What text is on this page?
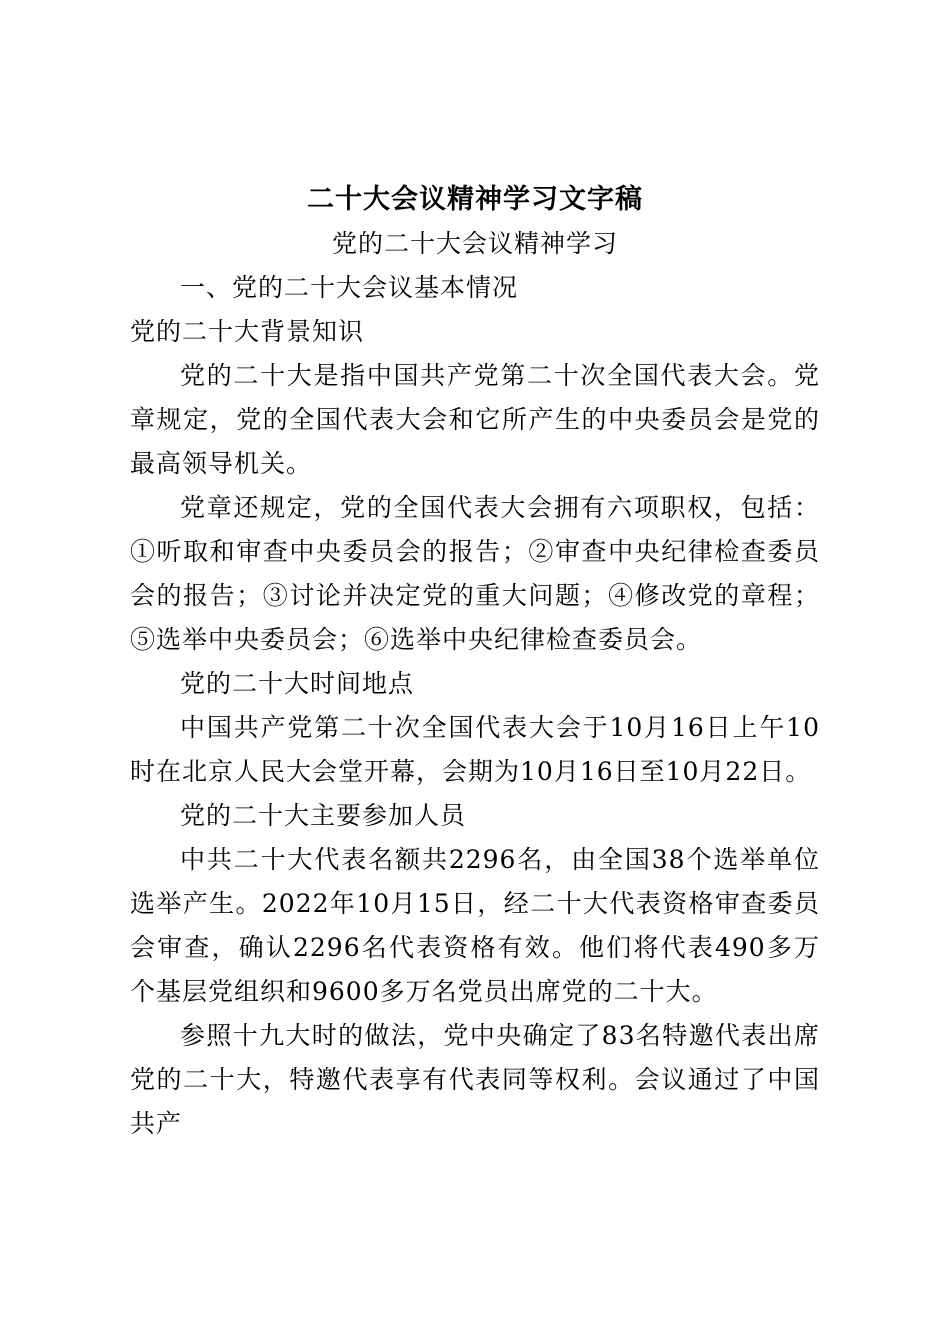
二十大会议精神学习文字稿
党的二十大会议精神学习

一、党的二十大会议基本情况

党的二十大背景知识

党的二十大是指中国共产党第二十次全国代表大会。党章规定，党的全国代表大会和它所产生的中央委员会是党的最高领导机关。

党章还规定，党的全国代表大会拥有六项职权，包括：①听取和审查中央委员会的报告；②审查中央纪律检查委员会的报告；③讨论并决定党的重大问题；④修改党的章程；⑤选举中央委员会；⑥选举中央纪律检查委员会。

党的二十大时间地点

中国共产党第二十次全国代表大会于10月16日上午10时在北京人民大会堂开幕，会期为10月16日至10月22日。

党的二十大主要参加人员

中共二十大代表名额共2296名，由全国38个选举单位选举产生。2022年10月15日，经二十大代表资格审查委员会审查，确认2296名代表资格有效。他们将代表490多万个基层党组织和9600多万名党员出席党的二十大。

参照十九大时的做法，党中央确定了83名特邀代表出席党的二十大，特邀代表享有代表同等权利。会议通过了中国共产
